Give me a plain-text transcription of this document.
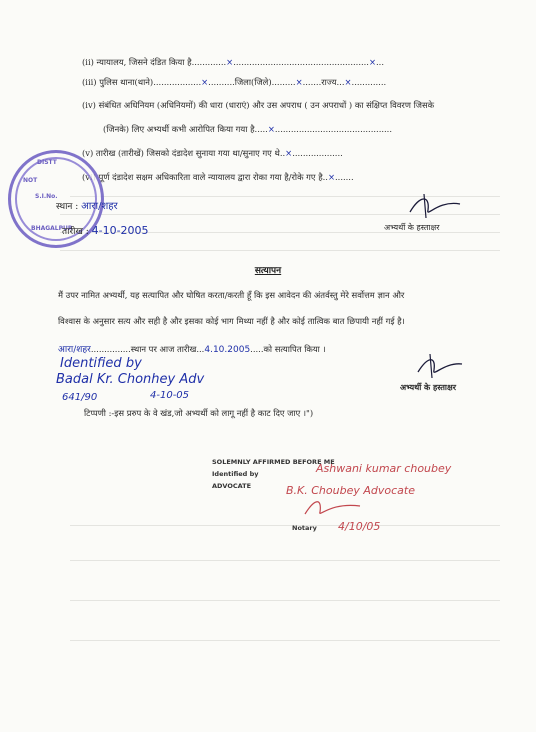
(ii) न्यायालय, जिसने दंडित किया है.............×...................................................×...
(iii) पुलिस थाना(थाने)..................×..........जिला(जिले).........×.......राज्य...×.............
(iv) संबंधित अधिनियम (अधिनियमों) की धारा (धाराएं) और उस अपराध ( उन अपराधों ) का संक्षिप्त विवरण जिसके
(जिनके) लिए अभ्यर्थी कभी आरोपित किया गया है.....×............................................
(v) तारीख (तारीखें) जिसको दंडादेश सुनाया गया था/सुनाए गए थे..×...................
(vi) पूर्ण दंडादेश सक्षम अधिकारिता वाले न्यायालय द्वारा रोका गया है/रोके गए है..×.......
DISTT
NOT
S.I.No.
BHAGALPUR
स्थान : आरा/शहर
तारीख : 4-10-2005	अभ्यर्थी के हस्ताक्षर
सत्यापन
मैं उपर नामित अभ्यर्थी, यह सत्यापित और घोषित करता/करती हूँ कि इस आवेदन की अंतर्वस्तु मेरे सर्वोत्तम ज्ञान और
विश्वास के अनुसार सत्य और सही है और इसका कोई भाग मिथ्या नहीं है और कोई तात्विक बात छिपायी नहीं गई है।
आरा/शहर...............स्थान पर आज तारीख...4.10.2005.....को सत्यापित किया ।
Identified by
Badal Kr. Chonhey Adv
641/90	4-10-05
अभ्यर्थी के हस्ताक्षर
टिप्पणी :-इस प्ररुप के वे खंड,जो अभ्यर्थी को लागू नहीं है काट दिए जाए ।")
SOLEMNLY AFFIRMED BEFORE ME
Identified by
ADVOCATE
Notary
Ashwani kumar choubey
B.K. Choubey Advocate
4/10/05
